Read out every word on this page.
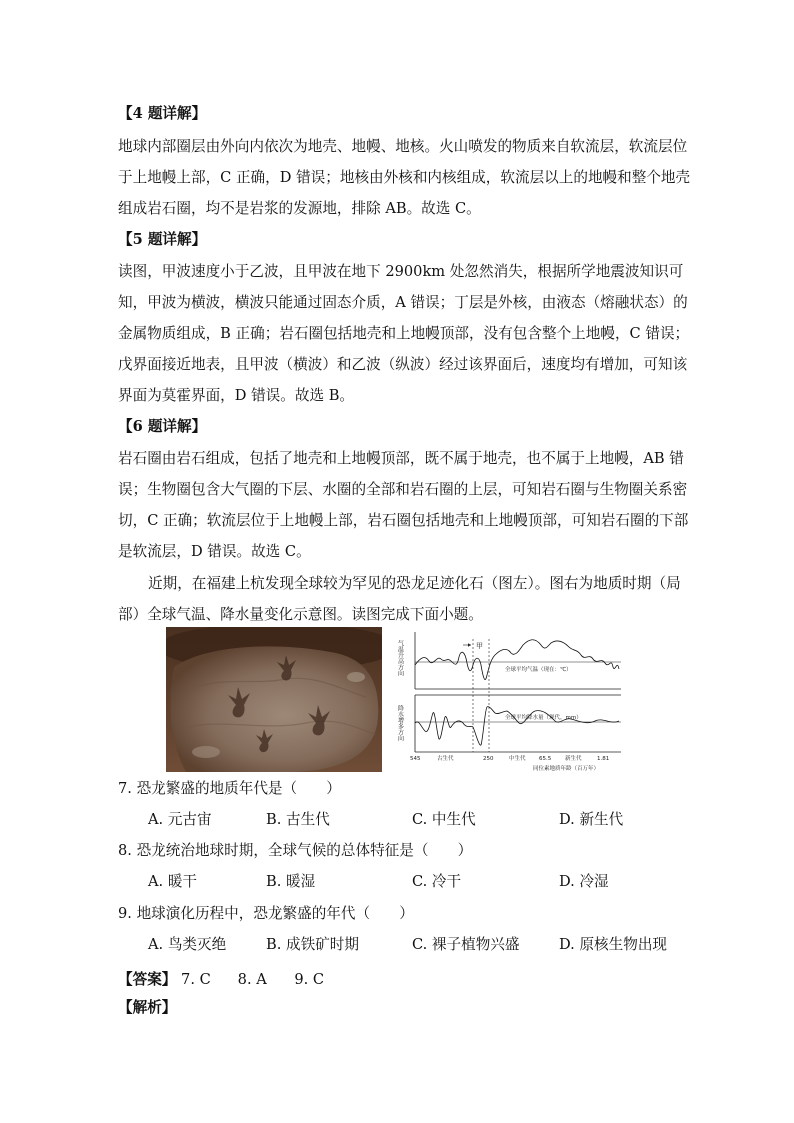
【4 题详解】
地球内部圈层由外向内依次为地壳、地幔、地核。火山喷发的物质来自软流层，软流层位
于上地幔上部，C 正确，D 错误；地核由外核和内核组成，软流层以上的地幔和整个地壳
组成岩石圈，均不是岩浆的发源地，排除 AB。故选 C。
【5 题详解】
读图，甲波速度小于乙波，且甲波在地下 2900km 处忽然消失，根据所学地震波知识可
知，甲波为横波，横波只能通过固态介质，A 错误；丁层是外核，由液态（熔融状态）的
金属物质组成，B 正确；岩石圈包括地壳和上地幔顶部，没有包含整个上地幔，C 错误；
戊界面接近地表，且甲波（横波）和乙波（纵波）经过该界面后，速度均有增加，可知该
界面为莫霍界面，D 错误。故选 B。
【6 题详解】
岩石圈由岩石组成，包括了地壳和上地幔顶部，既不属于地壳，也不属于上地幔，AB 错
误；生物圈包含大气圈的下层、水圈的全部和岩石圈的上层，可知岩石圈与生物圈关系密
切，C 正确；软流层位于上地幔上部，岩石圈包括地壳和上地幔顶部，可知岩石圈的下部
是软流层，D 错误。故选 C。
近期，在福建上杭发现全球较为罕见的恐龙足迹化石（图左）。图右为地质时期（局
部）全球气温、降水量变化示意图。读图完成下面小题。
气温升高方向
降水增多方向
甲
全球平均气温（现在：℃）
全球平均降水量（现代，mm）
545	古生代	250	中生代 65.5	新生代	1.81
同位素地质年龄（百万年）
7. 恐龙繁盛的地质年代是（　　）
A. 元古宙	B. 古生代	C. 中生代	D. 新生代
8. 恐龙统治地球时期，全球气候的总体特征是（　　）
A. 暖干	B. 暖湿	C. 冷干	D. 冷湿
9. 地球演化历程中，恐龙繁盛的年代（　　）
A. 鸟类灭绝	B. 成铁矿时期	C. 裸子植物兴盛	D. 原核生物出现
【答案】 7. C 8. A 9. C
【解析】
